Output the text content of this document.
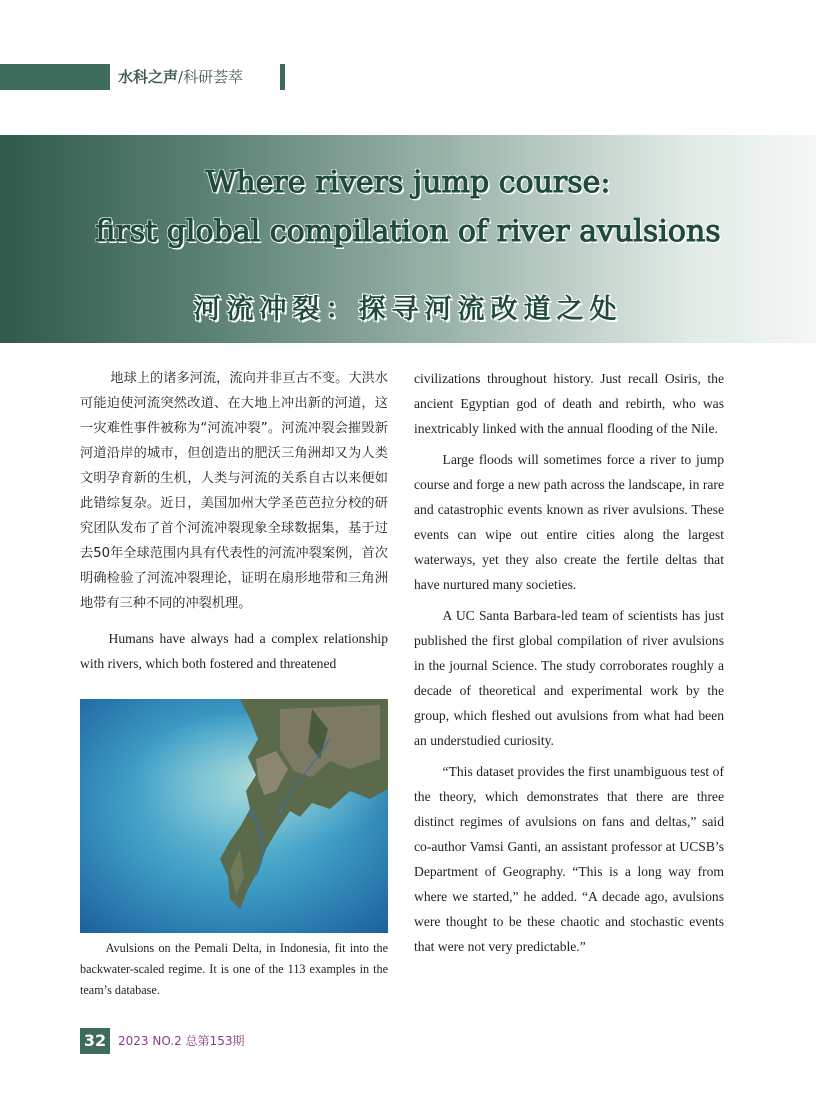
水科之声/科研荟萃
Where rivers jump course:
first global compilation of river avulsions
河流冲裂：探寻河流改道之处

地球上的诸多河流，流向并非亘古不变。大洪水可能迫使河流突然改道、在大地上冲出新的河道，这一灾难性事件被称为“河流冲裂”。河流冲裂会摧毁新河道沿岸的城市，但创造出的肥沃三角洲却又为人类文明孕育新的生机，人类与河流的关系自古以来便如此错综复杂。近日，美国加州大学圣芭芭拉分校的研究团队发布了首个河流冲裂现象全球数据集，基于过去50年全球范围内具有代表性的河流冲裂案例，首次明确检验了河流冲裂理论，证明在扇形地带和三角洲地带有三种不同的冲裂机理。

Humans have always had a complex relationship with rivers, which both fostered and threatened

Avulsions on the Pemali Delta, in Indonesia, fit into the backwater-scaled regime. It is one of the 113 examples in the team’s database.

civilizations throughout history. Just recall Osiris, the ancient Egyptian god of death and rebirth, who was inextricably linked with the annual flooding of the Nile.

Large floods will sometimes force a river to jump course and forge a new path across the landscape, in rare and catastrophic events known as river avulsions. These events can wipe out entire cities along the largest waterways, yet they also create the fertile deltas that have nurtured many societies.

A UC Santa Barbara-led team of scientists has just published the first global compilation of river avulsions in the journal Science. The study corroborates roughly a decade of theoretical and experimental work by the group, which fleshed out avulsions from what had been an understudied curiosity.

“This dataset provides the first unambiguous test of the theory, which demonstrates that there are three distinct regimes of avulsions on fans and deltas,” said co-author Vamsi Ganti, an assistant professor at UCSB’s Department of Geography. “This is a long way from where we started,” he added. “A decade ago, avulsions were thought to be these chaotic and stochastic events that were not very predictable.”

32 2023 NO.2 总第153期
